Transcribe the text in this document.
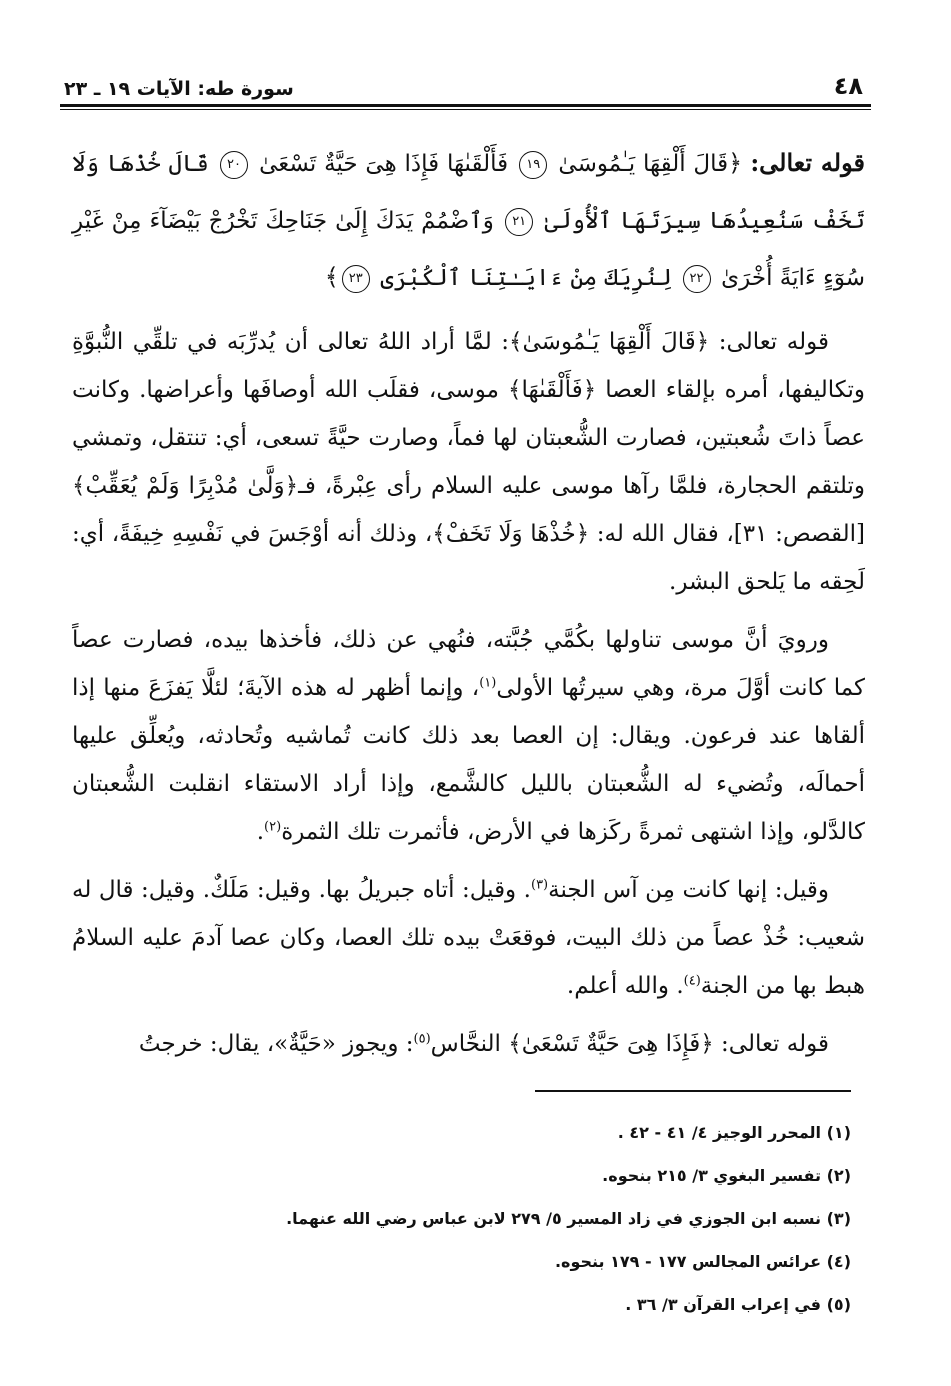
٤٨
سورة طه: الآيات ١٩ ـ ٢٣

قوله تعالى: ﴿قَالَ أَلْقِهَا يَـٰمُوسَىٰ ١٩ فَأَلْقَىٰهَا فَإِذَا هِىَ حَيَّةٌ تَسْعَىٰ ٢٠ قَالَ خُذْهَا وَلَا تَخَفْ سَنُعِيدُهَا سِيرَتَهَا ٱلْأُولَىٰ ٢١ وَٱضْمُمْ يَدَكَ إِلَىٰ جَنَاحِكَ تَخْرُجْ بَيْضَآءَ مِنْ غَيْرِ سُوٓءٍ ءَايَةً أُخْرَىٰ ٢٢ لِنُرِيَكَ مِنْ ءَايَـٰتِنَا ٱلْكُبْرَى ٢٣﴾

قوله تعالى: ﴿قَالَ أَلْقِهَا يَـٰمُوسَىٰ﴾: لمَّا أراد اللهُ تعالى أن يُدرِّبَه في تلقِّي النُّبوَّةِ وتكاليفها، أمره بإلقاء العصا ﴿فَأَلْقَىٰهَا﴾ موسى، فقلَب الله أوصافَها وأعراضها. وكانت عصاً ذاتَ شُعبتين، فصارت الشُّعبتان لها فماً، وصارت حيَّةً تسعى، أي: تنتقل، وتمشي وتلتقم الحجارة، فلمَّا رآها موسى عليه السلام رأى عِبْرةً، فـ﴿وَلَّىٰ مُدْبِرًا وَلَمْ يُعَقِّبْ﴾ [القصص: ٣١]، فقال الله له: ﴿خُذْهَا وَلَا تَخَفْ﴾، وذلك أنه أوْجَسَ في نَفْسِهِ خِيفَةً، أي: لَحِقه ما يَلحق البشر.

ورويَ أنَّ موسى تناولها بكُمَّي جُبَّته، فنُهي عن ذلك، فأخذها بيده، فصارت عصاً كما كانت أوَّلَ مرة، وهي سيرتُها الأولى$^{(١)}$، وإنما أظهر له هذه الآيةَ؛ لئلَّا يَفزَعَ منها إذا ألقاها عند فرعون. ويقال: إن العصا بعد ذلك كانت تُماشيه وتُحادثه، ويُعلِّق عليها أحمالَه، وتُضيء له الشُّعبتان بالليل كالشَّمع، وإذا أراد الاستقاء انقلبت الشُّعبتان كالدَّلو، وإذا اشتهى ثمرةً ركَزها في الأرض، فأثمرت تلك الثمرة$^{(٢)}$.

وقيل: إنها كانت مِن آس الجنة$^{(٣)}$. وقيل: أتاه جبريلُ بها. وقيل: مَلَكٌ. وقيل: قال له شعيب: خُذْ عصاً من ذلك البيت، فوقعَتْ بيده تلك العصا، وكان عصا آدمَ عليه السلامُ هبط بها من الجنة$^{(٤)}$. والله أعلم.

قوله تعالى: ﴿فَإِذَا هِىَ حَيَّةٌ تَسْعَىٰ﴾ النحَّاس$^{(٥)}$: ويجوز «حَيَّةٌ»، يقال: خرجتُ

(١) المحرر الوجيز ٤/ ٤١ - ٤٢ .
(٢) تفسير البغوي ٣/ ٢١٥ بنحوه.
(٣) نسبه ابن الجوزي في زاد المسير ٥/ ٢٧٩ لابن عباس رضي الله عنهما.
(٤) عرائس المجالس ١٧٧ - ١٧٩ بنحوه.
(٥) في إعراب القرآن ٣/ ٣٦ .
